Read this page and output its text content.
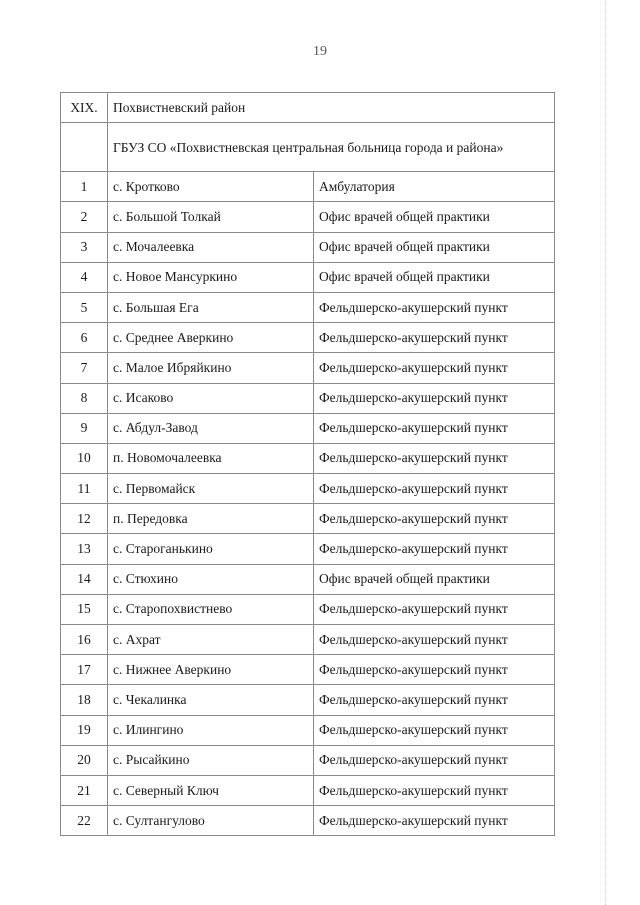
19
XIX.	Похвистневский район	
	ГБУЗ СО «Похвистневская центральная больница города и района»	
1	с. Кротково	Амбулатория
2	с. Большой Толкай	Офис врачей общей практики
3	с. Мочалеевка	Офис врачей общей практики
4	с. Новое Мансуркино	Офис врачей общей практики
5	с. Большая Ега	Фельдшерско-акушерский пункт
6	с. Среднее Аверкино	Фельдшерско-акушерский пункт
7	с. Малое Ибряйкино	Фельдшерско-акушерский пункт
8	с. Исаково	Фельдшерско-акушерский пункт
9	с. Абдул-Завод	Фельдшерско-акушерский пункт
10	п. Новомочалеевка	Фельдшерско-акушерский пункт
11	с. Первомайск	Фельдшерско-акушерский пункт
12	п. Передовка	Фельдшерско-акушерский пункт
13	с. Староганькино	Фельдшерско-акушерский пункт
14	с. Стюхино	Офис врачей общей практики
15	с. Старопохвистнево	Фельдшерско-акушерский пункт
16	с. Ахрат	Фельдшерско-акушерский пункт
17	с. Нижнее Аверкино	Фельдшерско-акушерский пункт
18	с. Чекалинка	Фельдшерско-акушерский пункт
19	с. Илингино	Фельдшерско-акушерский пункт
20	с. Рысайкино	Фельдшерско-акушерский пункт
21	с. Северный Ключ	Фельдшерско-акушерский пункт
22	с. Султангулово	Фельдшерско-акушерский пункт
